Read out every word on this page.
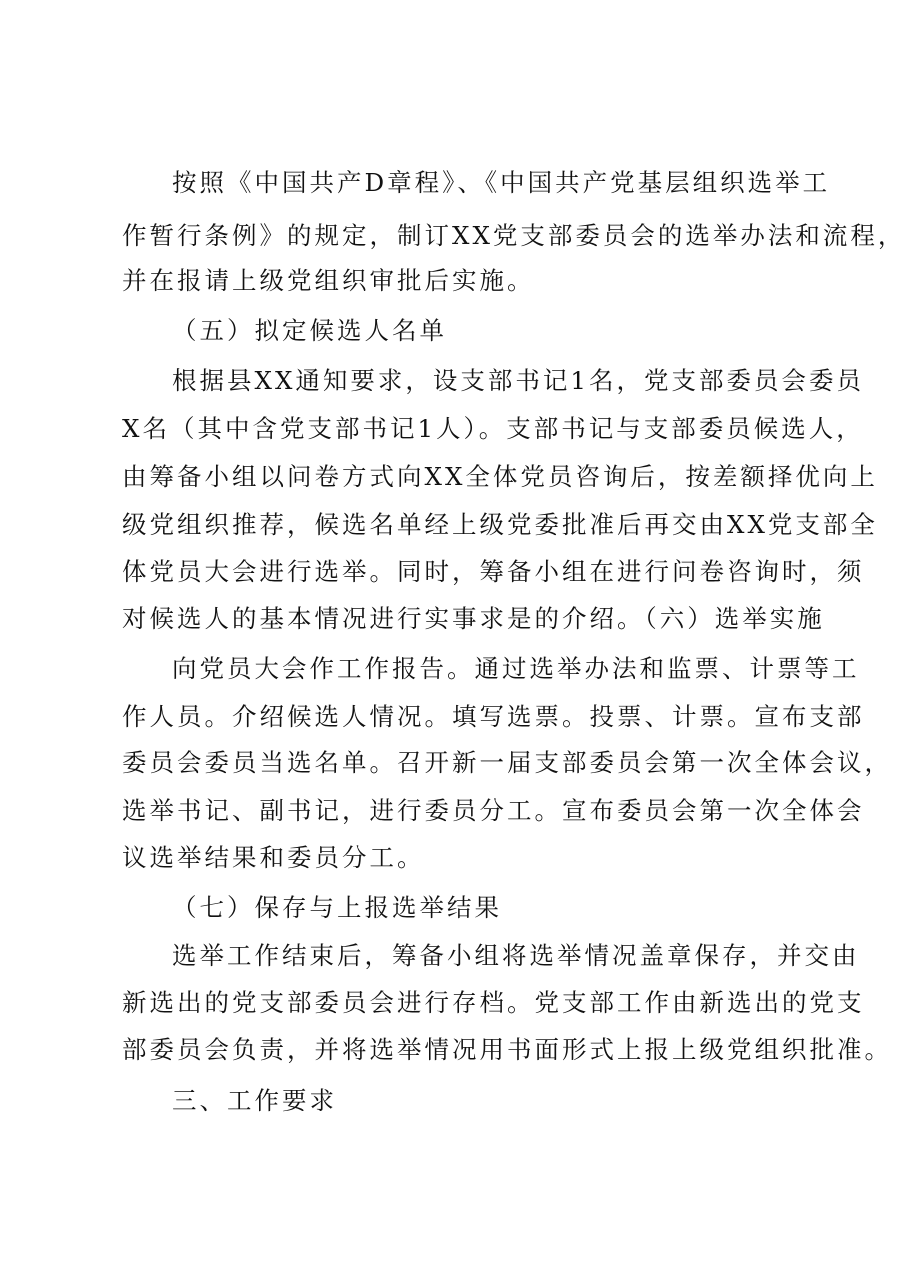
按照《中国共产D章程》、《中国共产党基层组织选举工
作暂行条例》的规定，制订XX党支部委员会的选举办法和流程，
并在报请上级党组织审批后实施。
（五）拟定候选人名单
根据县XX通知要求，设支部书记1名，党支部委员会委员
X名（其中含党支部书记1人）。支部书记与支部委员候选人，
由筹备小组以问卷方式向XX全体党员咨询后，按差额择优向上
级党组织推荐，候选名单经上级党委批准后再交由XX党支部全
体党员大会进行选举。同时，筹备小组在进行问卷咨询时，须
对候选人的基本情况进行实事求是的介绍。（六）选举实施
向党员大会作工作报告。通过选举办法和监票、计票等工
作人员。介绍候选人情况。填写选票。投票、计票。宣布支部
委员会委员当选名单。召开新一届支部委员会第一次全体会议，
选举书记、副书记，进行委员分工。宣布委员会第一次全体会
议选举结果和委员分工。
（七）保存与上报选举结果
选举工作结束后，筹备小组将选举情况盖章保存，并交由
新选出的党支部委员会进行存档。党支部工作由新选出的党支
部委员会负责，并将选举情况用书面形式上报上级党组织批准。
三、工作要求
